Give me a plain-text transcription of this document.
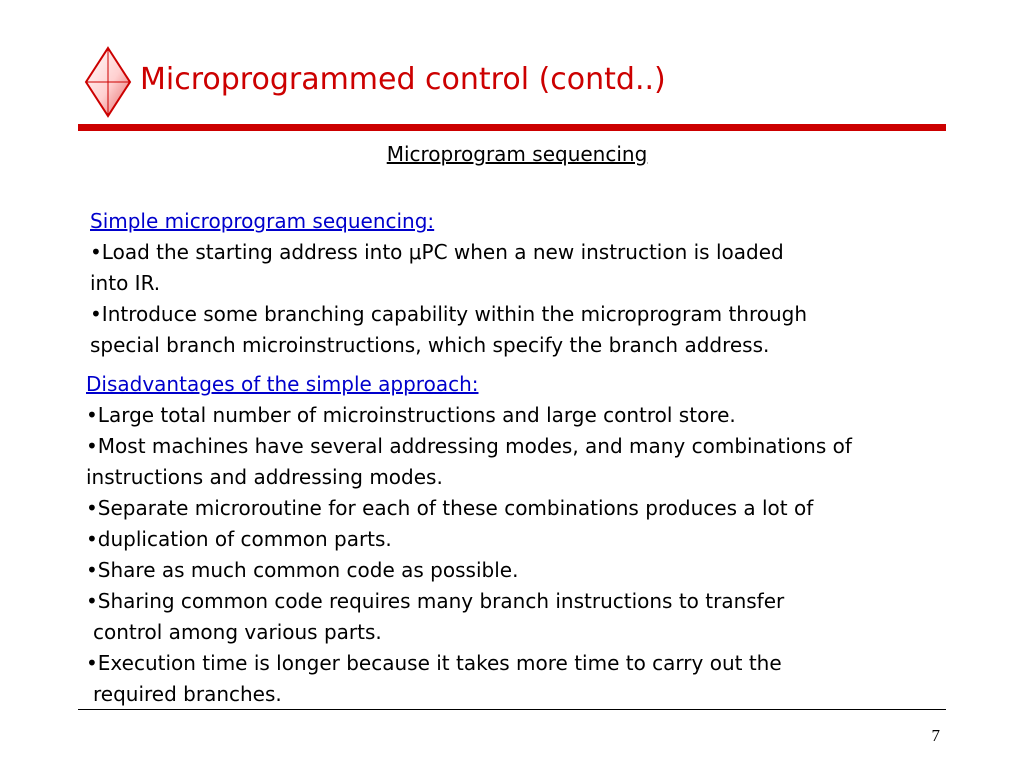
Microprogrammed control (contd..)
Microprogram sequencing
Simple microprogram sequencing:
•Load the starting address into μPC when a new instruction is loaded
into IR.
•Introduce some branching capability within the microprogram through
special branch microinstructions, which specify the branch address.
Disadvantages of the simple approach:
•Large total number of microinstructions and large control store.
•Most machines have several addressing modes, and many combinations of
instructions and addressing modes.
•Separate microroutine for each of these combinations produces a lot of
•duplication of common parts.
•Share as much common code as possible.
•Sharing common code requires many branch instructions to transfer
control among various parts.
•Execution time is longer because it takes more time to carry out the
required branches.
7
